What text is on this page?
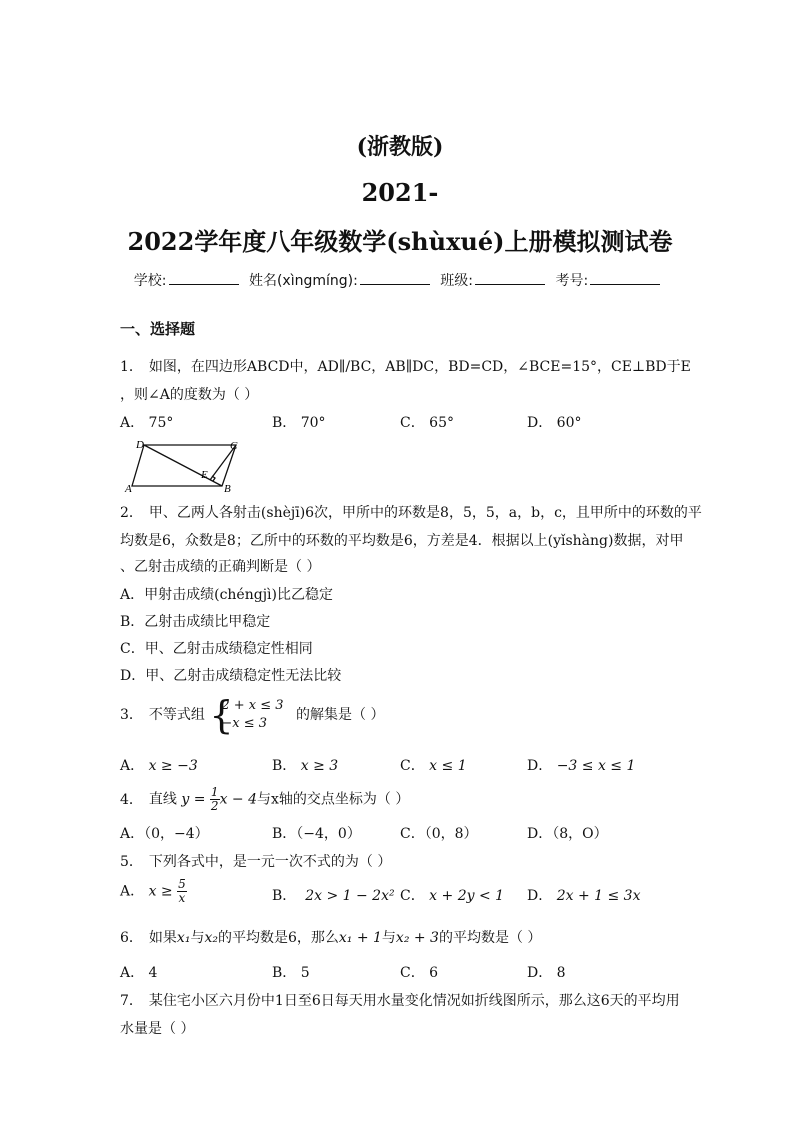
(浙教版)
2021-
2022学年度八年级数学(shùxué)上册模拟测试卷
学校:	姓名(xìngmíng):	班级:	考号:
一、选择题
1． 如图，在四边形ABCD中，AD∥/BC，AB∥DC，BD=CD，∠BCE=15°，CE⊥BD于E
，则∠A的度数为（ ）
A． 75°	B． 70°	C． 65°	D． 60°
D	C
A	B
E
2． 甲、乙两人各射击(shèjī)6次，甲所中的环数是8，5，5，a，b，c，且甲所中的环数的平
均数是6，众数是8；乙所中的环数的平均数是6，方差是4．根据以上(yǐshàng)数据，对甲
、乙射击成绩的正确判断是（ ）
A．甲射击成绩(chéngjì)比乙稳定
B．乙射击成绩比甲稳定
C．甲、乙射击成绩稳定性相同
D．甲、乙射击成绩稳定性无法比较
3． 不等式组 {
2 + x ≤ 3
−x ≤ 3
的解集是（ ）
A． x ≥ −3	B． x ≥ 3	C． x ≤ 1	D． −3 ≤ x ≤ 1
4． 直线 $y = \frac{1}{2}$ x − 4与x轴的交点坐标为（ ）
A．（0，−4）	B．（−4，0）	C．（0，8）	D．（8，O）
5． 下列各式中，是一元一次不式的为（ ）
A． $x \ge \frac{5}{x}$	B． 2x > 1 − 2x² C． x + 2y < 1 D． 2x + 1 ≤ 3x
6． 如果x₁与x₂的平均数是6，那么x₁ + 1与x₂ + 3的平均数是（ ）
A． 4	B． 5	C． 6	D． 8
7． 某住宅小区六月份中1日至6日每天用水量变化情况如折线图所示，那么这6天的平均用
水量是（ ）
